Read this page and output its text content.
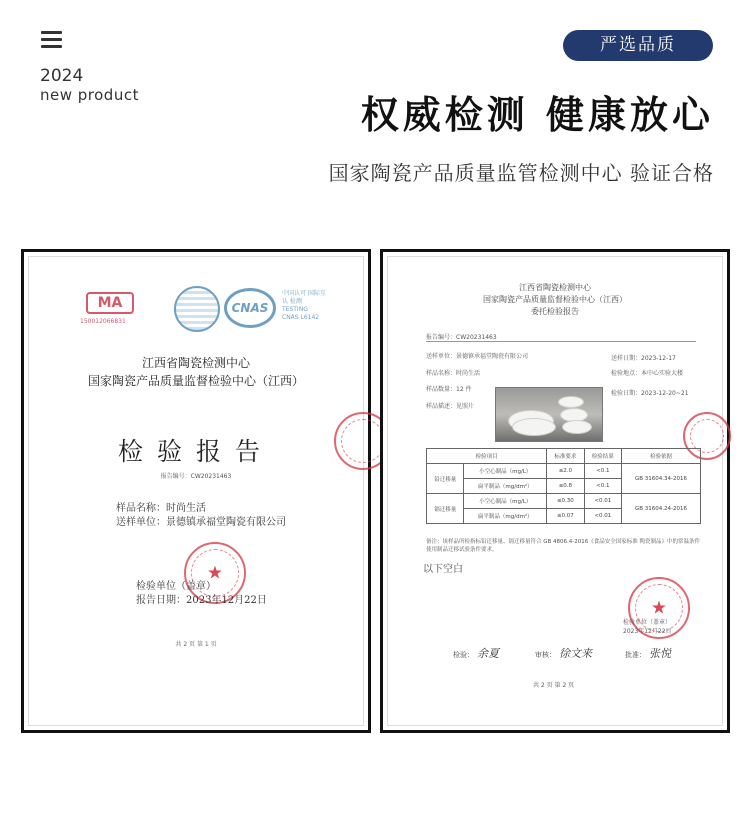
2024
new product
严选品质
权威检测 健康放心
国家陶瓷产品质量监管检测中心 验证合格
MA
150012066831
CNAS
中国认可 国际互认 检测 TESTING CNAS L6142
江西省陶瓷检测中心
国家陶瓷产品质量监督检验中心（江西）
检验报告
报告编号：CW20231463
样品名称：时尚生活
送样单位：景德镇承福堂陶瓷有限公司
★
检验单位（盖章）
报告日期：2023年12月22日
共 2 页 第 1 页
江西省陶瓷检测中心
国家陶瓷产品质量监督检验中心（江西）
委托检验报告
报告编号：CW20231463
送样单位：景德镇承福堂陶瓷有限公司	送样日期：2023-12-17
样品名称：时尚生活	检验地点：本中心实验大楼
样品数量：12 件
检验日期：2023-12-20~21
样品描述：见照片
检验项目		标准要求	检验结果	检验依据
铅迁移量	小空心制品（mg/L）	≤2.0	<0.1	GB 31604.34-2016
	扁平制品（mg/dm²）	≤0.8	<0.1	
镉迁移量	小空心制品（mg/L）	≤0.30	<0.01	GB 31604.24-2016
	扁平制品（mg/dm²）	≤0.07	<0.01	
备注：该样品所检指标铅迁移量、镉迁移量符合 GB 4806.4-2016《食品安全国家标准 陶瓷制品》中的常温条件使用制品迁移试验条件要求。
以下空白
★
检验单位（盖章）
2023年12月22日
检验： 余夏	审核： 徐文来	批准： 张悦
共 2 页 第 2 页
